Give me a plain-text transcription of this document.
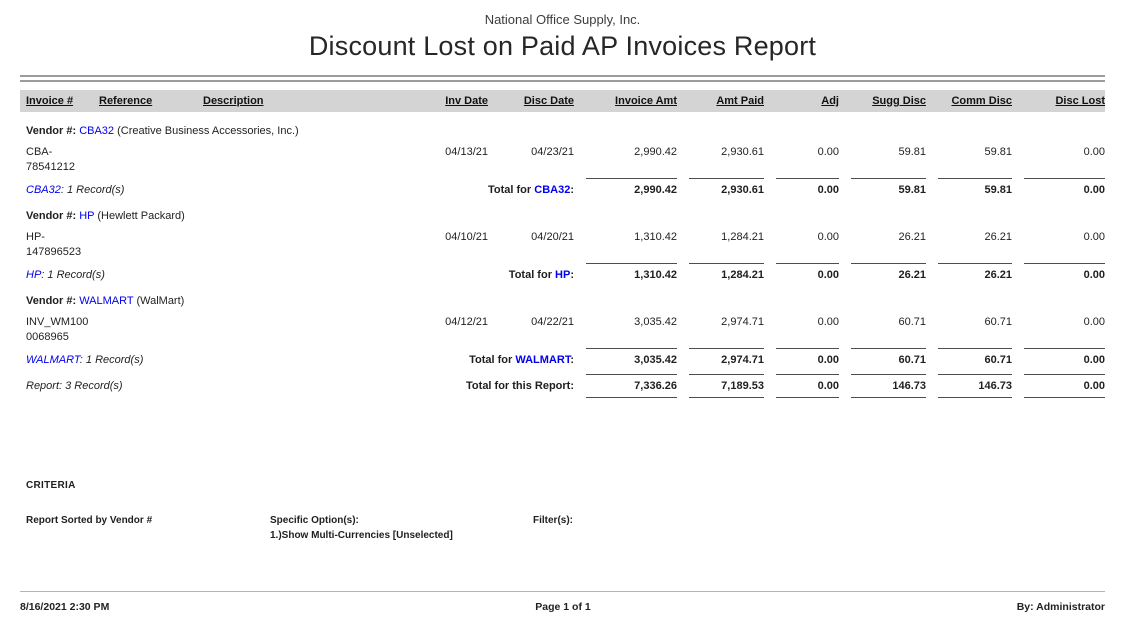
National Office Supply, Inc.
Discount Lost on Paid AP Invoices Report
Invoice #	Reference	Description	Inv Date	Disc Date	Invoice Amt	Amt Paid	Adj	Sugg Disc	Comm Disc	Disc Lost
Vendor #: CBA32 (Creative Business Accessories, Inc.)
CBA-
78541212
04/13/21	04/23/21	2,990.42	2,930.61	0.00	59.81	59.81	0.00
CBA32: 1 Record(s)	Total for CBA32:	2,990.42	2,930.61	0.00	59.81	59.81	0.00
Vendor #: HP (Hewlett Packard)
HP-
147896523
04/10/21	04/20/21	1,310.42	1,284.21	0.00	26.21	26.21	0.00
HP: 1 Record(s)	Total for HP:	1,310.42	1,284.21	0.00	26.21	26.21	0.00
Vendor #: WALMART (WalMart)
INV_WM100
0068965
04/12/21	04/22/21	3,035.42	2,974.71	0.00	60.71	60.71	0.00
WALMART: 1 Record(s)	Total for WALMART:	3,035.42	2,974.71	0.00	60.71	60.71	0.00
Report: 3 Record(s)	Total for this Report:	7,336.26	7,189.53	0.00	146.73	146.73	0.00
CRITERIA
Report Sorted by Vendor #	Specific Option(s):
1.)Show Multi-Currencies [Unselected]
Filter(s):
8/16/2021 2:30 PM	Page 1 of 1	By: Administrator
